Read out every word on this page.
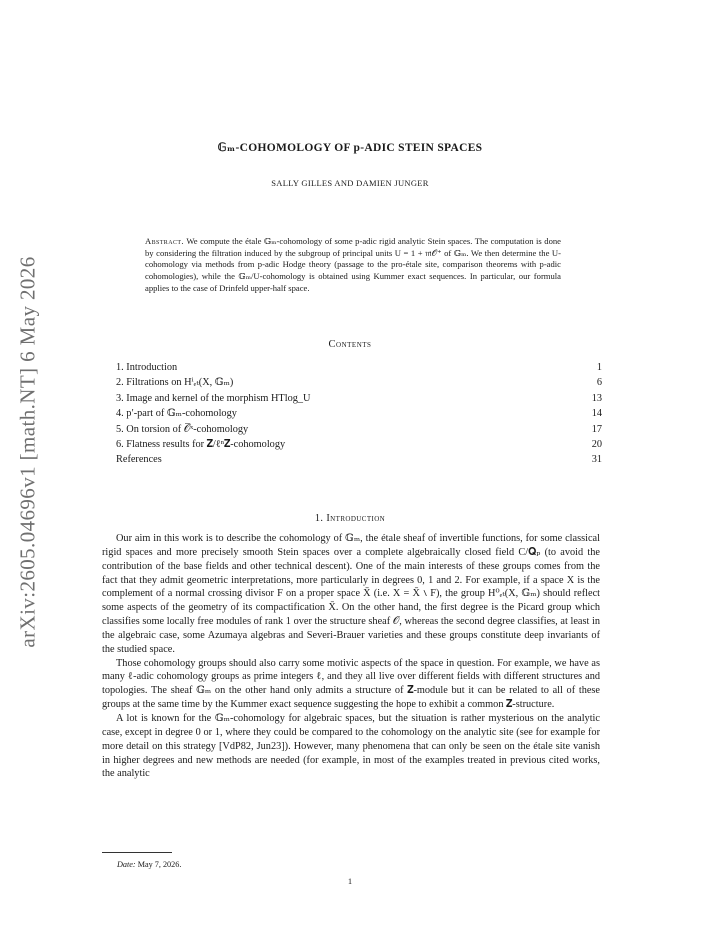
arXiv:2605.04696v1 [math.NT] 6 May 2026
𝔾ₘ-COHOMOLOGY OF p-ADIC STEIN SPACES
SALLY GILLES AND DAMIEN JUNGER
Abstract. We compute the étale 𝔾ₘ-cohomology of some p-adic rigid analytic Stein spaces. The computation is done by considering the filtration induced by the subgroup of principal units U = 1 + 𝔪𝒪⁺ of 𝔾ₘ. We then determine the U-cohomology via methods from p-adic Hodge theory (passage to the pro-étale site, comparison theorems with p-adic cohomologies), while the 𝔾ₘ/U-cohomology is obtained using Kummer exact sequences. In particular, our formula applies to the case of Drinfeld upper-half space.
Contents
1. Introduction	1
2. Filtrations on Hⁱₑₜ(X, 𝔾ₘ)	6
3. Image and kernel of the morphism HTlog_U	13
4. p′-part of 𝔾ₘ-cohomology	14
5. On torsion of 𝒪̅ˣ-cohomology	17
6. Flatness results for 𝐙/ℓⁿ𝐙-cohomology	20
References	31
1. Introduction

Our aim in this work is to describe the cohomology of 𝔾ₘ, the étale sheaf of invertible functions, for some classical rigid spaces and more precisely smooth Stein spaces over a complete algebraically closed field C/𝐐ₚ (to avoid the contribution of the base fields and other technical descent). One of the main interests of these groups comes from the fact that they admit geometric interpretations, more particularly in degrees 0, 1 and 2. For example, if a space X is the complement of a normal crossing divisor F on a proper space X̄ (i.e. X = X̄ ∖ F), the group H⁰ₑₜ(X, 𝔾ₘ) should reflect some aspects of the geometry of its compactification X̄. On the other hand, the first degree is the Picard group which classifies some locally free modules of rank 1 over the structure sheaf 𝒪, whereas the second degree classifies, at least in the algebraic case, some Azumaya algebras and Severi-Brauer varieties and these groups constitute deep invariants of the studied space.

Those cohomology groups should also carry some motivic aspects of the space in question. For example, we have as many ℓ-adic cohomology groups as prime integers ℓ, and they all live over different fields with different structures and topologies. The sheaf 𝔾ₘ on the other hand only admits a structure of 𝐙-module but it can be related to all of these groups at the same time by the Kummer exact sequence suggesting the hope to exhibit a common 𝐙-structure.

A lot is known for the 𝔾ₘ-cohomology for algebraic spaces, but the situation is rather mysterious on the analytic case, except in degree 0 or 1, where they could be compared to the cohomology on the analytic site (see for example for more detail on this strategy [VdP82, Jun23]). However, many phenomena that can only be seen on the étale site vanish in higher degrees and new methods are needed (for example, in most of the examples treated in previous cited works, the analytic

Date: May 7, 2026.
1
